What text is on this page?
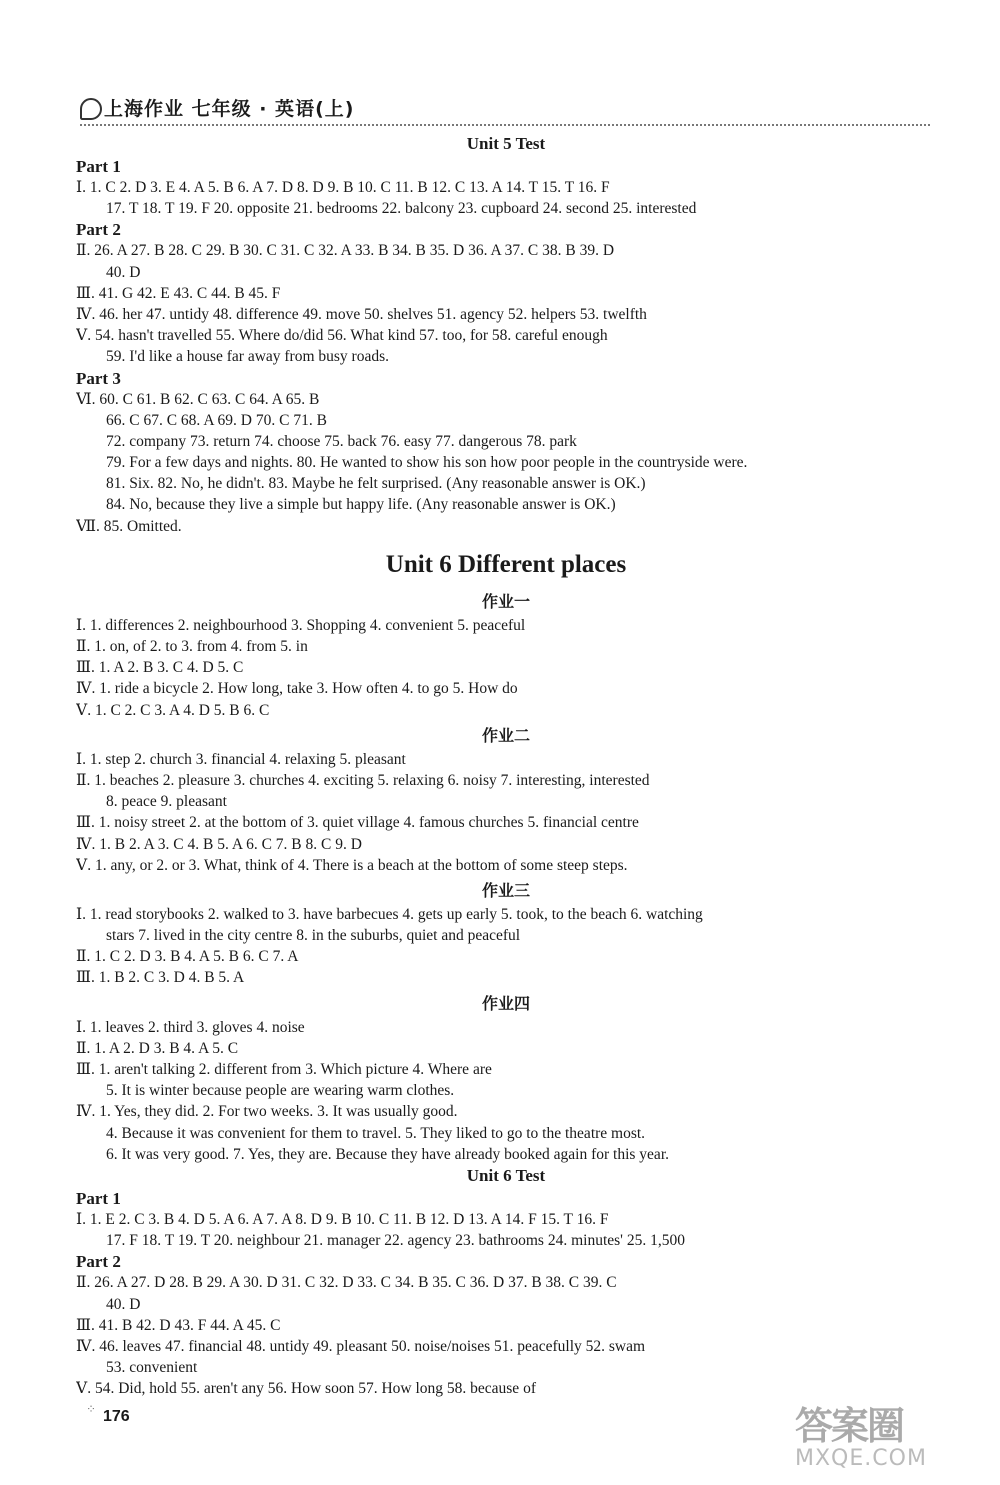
上海作业 七年级 · 英语(上)
Unit 5 Test
Part 1
Ⅰ. 1. C 2. D 3. E 4. A 5. B 6. A 7. D 8. D 9. B 10. C 11. B 12. C 13. A 14. T 15. T 16. F
17. T 18. T 19. F 20. opposite 21. bedrooms 22. balcony 23. cupboard 24. second 25. interested
Part 2
Ⅱ. 26. A 27. B 28. C 29. B 30. C 31. C 32. A 33. B 34. B 35. D 36. A 37. C 38. B 39. D
40. D
Ⅲ. 41. G 42. E 43. C 44. B 45. F
Ⅳ. 46. her 47. untidy 48. difference 49. move 50. shelves 51. agency 52. helpers 53. twelfth
Ⅴ. 54. hasn't travelled 55. Where do/did 56. What kind 57. too, for 58. careful enough
59. I'd like a house far away from busy roads.
Part 3
Ⅵ. 60. C 61. B 62. C 63. C 64. A 65. B
66. C 67. C 68. A 69. D 70. C 71. B
72. company 73. return 74. choose 75. back 76. easy 77. dangerous 78. park
79. For a few days and nights. 80. He wanted to show his son how poor people in the countryside were.
81. Six. 82. No, he didn't. 83. Maybe he felt surprised. (Any reasonable answer is OK.)
84. No, because they live a simple but happy life. (Any reasonable answer is OK.)
Ⅶ. 85. Omitted.
Unit 6 Different places
作业一
Ⅰ. 1. differences 2. neighbourhood 3. Shopping 4. convenient 5. peaceful
Ⅱ. 1. on, of 2. to 3. from 4. from 5. in
Ⅲ. 1. A 2. B 3. C 4. D 5. C
Ⅳ. 1. ride a bicycle 2. How long, take 3. How often 4. to go 5. How do
Ⅴ. 1. C 2. C 3. A 4. D 5. B 6. C
作业二
Ⅰ. 1. step 2. church 3. financial 4. relaxing 5. pleasant
Ⅱ. 1. beaches 2. pleasure 3. churches 4. exciting 5. relaxing 6. noisy 7. interesting, interested
8. peace 9. pleasant
Ⅲ. 1. noisy street 2. at the bottom of 3. quiet village 4. famous churches 5. financial centre
Ⅳ. 1. B 2. A 3. C 4. B 5. A 6. C 7. B 8. C 9. D
Ⅴ. 1. any, or 2. or 3. What, think of 4. There is a beach at the bottom of some steep steps.
作业三
Ⅰ. 1. read storybooks 2. walked to 3. have barbecues 4. gets up early 5. took, to the beach 6. watching
stars 7. lived in the city centre 8. in the suburbs, quiet and peaceful
Ⅱ. 1. C 2. D 3. B 4. A 5. B 6. C 7. A
Ⅲ. 1. B 2. C 3. D 4. B 5. A
作业四
Ⅰ. 1. leaves 2. third 3. gloves 4. noise
Ⅱ. 1. A 2. D 3. B 4. A 5. C
Ⅲ. 1. aren't talking 2. different from 3. Which picture 4. Where are
5. It is winter because people are wearing warm clothes.
Ⅳ. 1. Yes, they did. 2. For two weeks. 3. It was usually good.
4. Because it was convenient for them to travel. 5. They liked to go to the theatre most.
6. It was very good. 7. Yes, they are. Because they have already booked again for this year.
Unit 6 Test
Part 1
Ⅰ. 1. E 2. C 3. B 4. D 5. A 6. A 7. A 8. D 9. B 10. C 11. B 12. D 13. A 14. F 15. T 16. F
17. F 18. T 19. T 20. neighbour 21. manager 22. agency 23. bathrooms 24. minutes' 25. 1,500
Part 2
Ⅱ. 26. A 27. D 28. B 29. A 30. D 31. C 32. D 33. C 34. B 35. C 36. D 37. B 38. C 39. C
40. D
Ⅲ. 41. B 42. D 43. F 44. A 45. C
Ⅳ. 46. leaves 47. financial 48. untidy 49. pleasant 50. noise/noises 51. peacefully 52. swam
53. convenient
Ⅴ. 54. Did, hold 55. aren't any 56. How soon 57. How long 58. because of
⁘ 176	答案圈
MXQE.COM
